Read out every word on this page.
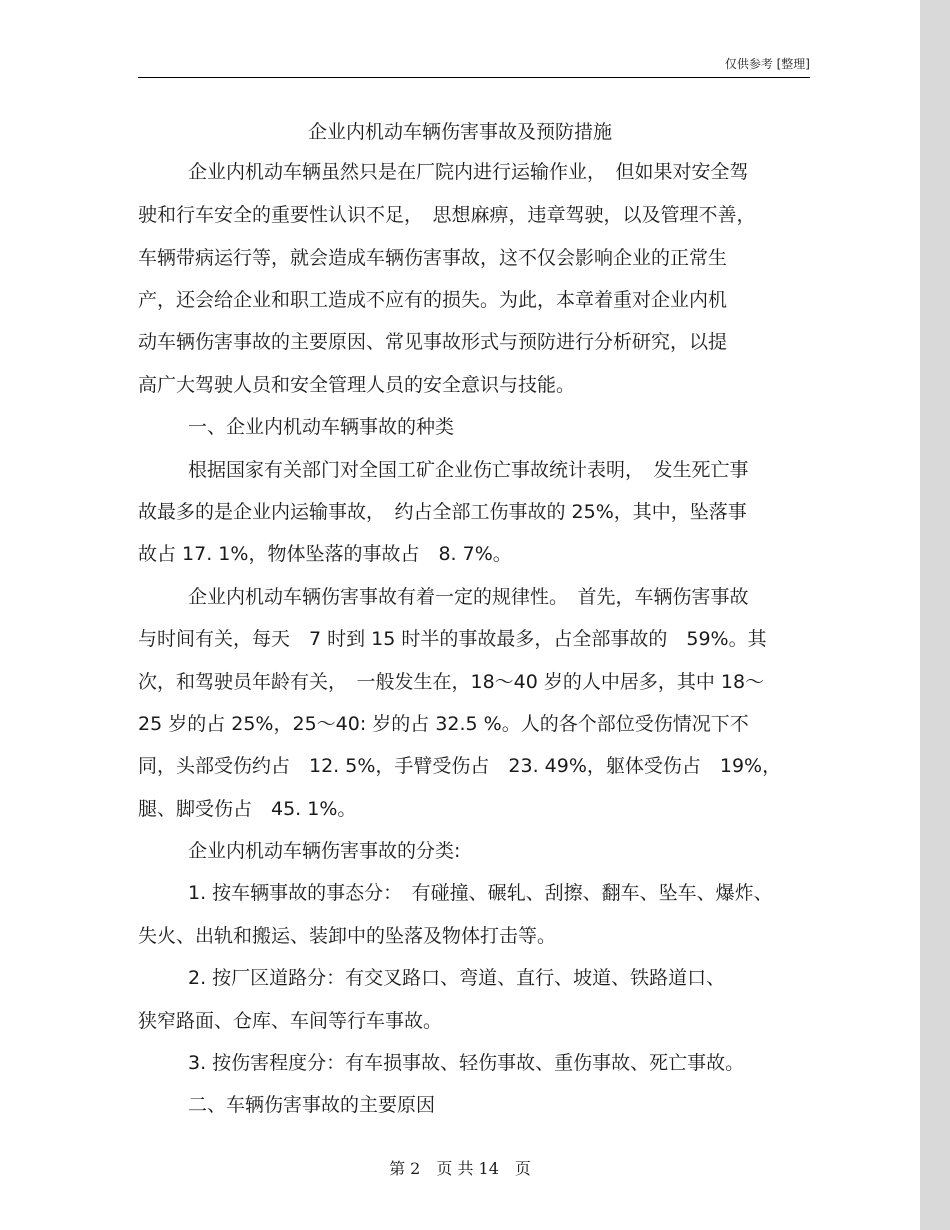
仅供参考 [整理]
企业内机动车辆伤害事故及预防措施
企业内机动车辆虽然只是在厂院内进行运输作业，　但如果对安全驾
驶和行车安全的重要性认识不足，　思想麻痹，违章驾驶，以及管理不善，
车辆带病运行等，就会造成车辆伤害事故，这不仅会影响企业的正常生
产，还会给企业和职工造成不应有的损失。为此，本章着重对企业内机
动车辆伤害事故的主要原因、常见事故形式与预防进行分析研究，以提
高广大驾驶人员和安全管理人员的安全意识与技能。
一、企业内机动车辆事故的种类
根据国家有关部门对全国工矿企业伤亡事故统计表明，　发生死亡事
故最多的是企业内运输事故，　约占全部工伤事故的 25%，其中，坠落事
故占 17. 1%，物体坠落的事故占　8. 7%。
企业内机动车辆伤害事故有着一定的规律性。　首先，车辆伤害事故
与时间有关，每天　7 时到 15 时半的事故最多，占全部事故的　59%。其
次，和驾驶员年龄有关，　一般发生在，18～40 岁的人中居多，其中 18～
25 岁的占 25%，25～40: 岁的占 32.5 %。人的各个部位受伤情况下不
同，头部受伤约占　12. 5%，手臂受伤占　23. 49%，躯体受伤占　19%，
腿、脚受伤占　45. 1%。
企业内机动车辆伤害事故的分类:
1. 按车辆事故的事态分：　有碰撞、碾轧、刮擦、翻车、坠车、爆炸、
失火、出轨和搬运、装卸中的坠落及物体打击等。
2. 按厂区道路分：有交叉路口、弯道、直行、坡道、铁路道口、
狭窄路面、仓库、车间等行车事故。
3. 按伤害程度分：有车损事故、轻伤事故、重伤事故、死亡事故。
二、车辆伤害事故的主要原因
第 2　页 共 14　页
